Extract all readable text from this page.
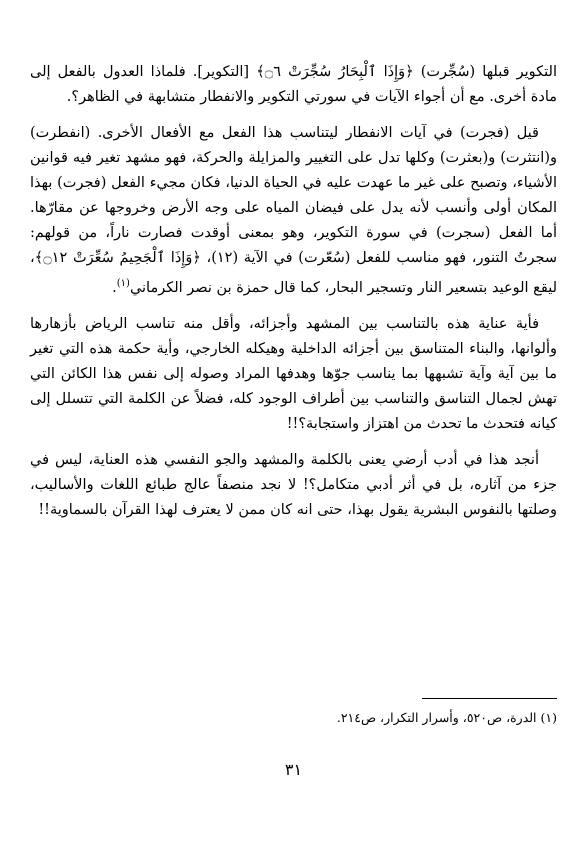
التكوير قبلها (سُجِّرت) ﴿وَإِذَا ٱلْبِحَارُ سُجِّرَتْ ۝٦﴾ [التكوير]. فلماذا العدول بالفعل إلى مادة أخرى. مع أن أجواء الآيات في سورتي التكوير والانفطار متشابهة في الظاهر؟.

قيل (فجرت) في آيات الانفطار ليتناسب هذا الفعل مع الأفعال الأخرى. (انفطرت) و(انتثرت) و(بعثرت) وكلها تدل على التغيير والمزايلة والحركة، فهو مشهد تغير فيه قوانين الأشياء، وتصبح على غير ما عهدت عليه في الحياة الدنيا، فكان مجيء الفعل (فجرت) بهذا المكان أولى وأنسب لأنه يدل على فيضان المياه على وجه الأرض وخروجها عن مقارّها. أما الفعل (سجرت) في سورة التكوير، وهو بمعنى أوقدت فصارت ناراً، من قولهم: سجرتُ التنور، فهو مناسب للفعل (سُعّرت) في الآية (١٢)، ﴿وَإِذَا ٱلْجَحِيمُ سُعِّرَتْ ۝١٢﴾، ليقع الوعيد بتسعير النار وتسجير البحار، كما قال حمزة بن نصر الكرماني$^{(١)}$.

فأية عناية هذه بالتناسب بين المشهد وأجزائه، وأقل منه تناسب الرياض بأزهارها وألوانها، والبناء المتناسق بين أجزائه الداخلية وهيكله الخارجي، وأية حكمة هذه التي تغير ما بين آية وآية تشبهها بما يناسب جوّها وهدفها المراد وصوله إلى نفس هذا الكائن التي تهش لجمال التناسق والتناسب بين أطراف الوجود كله، فضلاً عن الكلمة التي تتسلل إلى كيانه فتحدث ما تحدث من اهتزاز واستجابة؟!!

أنجد هذا في أدب أرضي يعنى بالكلمة والمشهد والجو النفسي هذه العناية، ليس في جزء من آثاره، بل في أثر أدبي متكامل؟! لا نجد منصفاً عالج طبائع اللغات والأساليب، وصلتها بالنفوس البشرية يقول بهذا، حتى انه كان ممن لا يعترف لهذا القرآن بالسماوية!!

(١) الدرة، ص٥٢٠، وأسرار التكرار، ص٢١٤.
٣١
